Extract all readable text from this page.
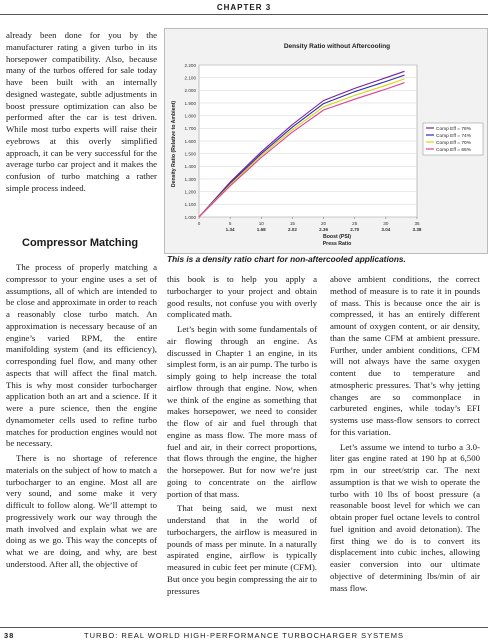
CHAPTER 3

already been done for you by the manufacturer rating a given turbo in its horsepower compatibility. Also, because many of the turbos offered for sale today have been built with an internally designed wastegate, subtle adjustments in boost pressure optimization can also be performed after the car is test driven. While most turbo experts will raise their eyebrows at this overly simplified approach, it can be very successful for the average turbo car project and it makes the confusion of turbo matching a rather simple process indeed.

Compressor Matching

The process of properly matching a compressor to your engine uses a set of assumptions, all of which are intended to be close and approximate in order to reach a reasonably close turbo match. An approximation is necessary because of an engine’s varied RPM, the entire manifolding system (and its efficiency), corresponding fuel flow, and many other aspects that will affect the final match. This is why most consider turbocharger application both an art and a science. If it were a pure science, then the engine dynamometer cells used to refine turbo matches for production engines would not be necessary.

There is no shortage of reference materials on the subject of how to match a turbocharger to an engine. Most all are very sound, and some make it very difficult to follow along. We’ll attempt to progressively work our way through the math involved and explain what we are doing as we go. This way the concepts of what we are doing, and why, are best understood. After all, the objective of

Density Ratio without Aftercooling
1.000
1.100
1.200
1.300
1.400
1.500
1.600
1.700
1.800
1.900
2.000
2.100
2.200
0	5	10	15	20	25	30	35
1.34	1.68	2.02	2.36	2.70	3.04	3.38
Comp Eff = 78%
Comp Eff = 74%
Comp Eff = 70%
Comp Eff = 66%
Density Ratio (Relative to Ambient)
Boost (PSI)
Press Ratio
This is a density ratio chart for non-aftercooled applications.

this book is to help you apply a turbocharger to your project and obtain good results, not confuse you with overly complicated math.

Let’s begin with some fundamentals of air flowing through an engine. As discussed in Chapter 1 an engine, in its simplest form, is an air pump. The turbo is simply going to help increase the total airflow through that engine. Now, when we think of the engine as something that makes horsepower, we need to consider the flow of air and fuel through that engine as mass flow. The more mass of fuel and air, in their correct proportions, that flows through the engine, the higher the horsepower. But for now we’re just going to concentrate on the airflow portion of that mass.

That being said, we must next understand that in the world of turbochargers, the airflow is measured in pounds of mass per minute. In a naturally aspirated engine, airflow is typically measured in cubic feet per minute (CFM). But once you begin compressing the air to pressures

above ambient conditions, the correct method of measure is to rate it in pounds of mass. This is because once the air is compressed, it has an entirely different amount of oxygen content, or air density, than the same CFM at ambient pressure. Further, under ambient conditions, CFM will not always have the same oxygen content due to temperature and atmospheric pressures. That’s why jetting changes are so commonplace in carbureted engines, while today’s EFI systems use mass-flow sensors to correct for this variation.

Let’s assume we intend to turbo a 3.0-liter gas engine rated at 190 hp at 6,500 rpm in our street/strip car. The next assumption is that we wish to operate the turbo with 10 lbs of boost pressure (a reasonable boost level for which we can obtain proper fuel octane levels to control fuel ignition and avoid detonation). The first thing we do is to convert its displacement into cubic inches, allowing easier conversion into our ultimate objective of determining lbs/min of air mass flow.

38	TURBO: REAL WORLD HIGH-PERFORMANCE TURBOCHARGER SYSTEMS
